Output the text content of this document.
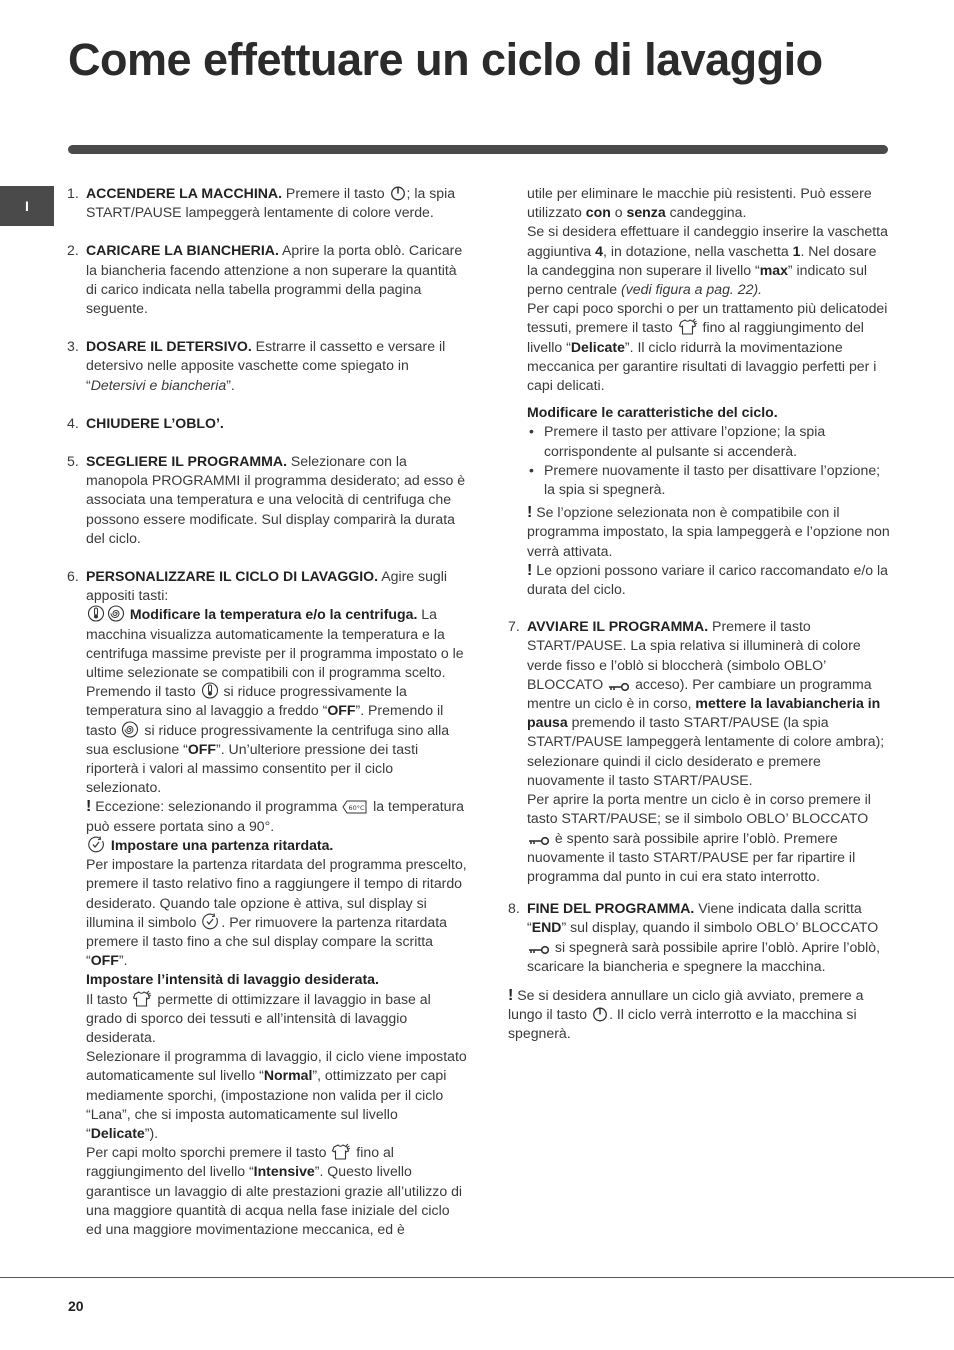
Come effettuare un ciclo di lavaggio
I
1. ACCENDERE LA MACCHINA. Premere il tasto
; la spia START/PAUSE lampeggerà lentamente di colore verde.

2. CARICARE LA BIANCHERIA. Aprire la porta oblò. Caricare la biancheria facendo attenzione a non superare la quantità di carico indicata nella tabella programmi della pagina seguente.

3. DOSARE IL DETERSIVO. Estrarre il cassetto e versare il detersivo nelle apposite vaschette come spiegato in “Detersivi e biancheria”.

4. CHIUDERE L’OBLO’.

5. SCEGLIERE IL PROGRAMMA. Selezionare con la manopola PROGRAMMI il programma desiderato; ad esso è associata una temperatura e una velocità di centrifuga che possono essere modificate. Sul display comparirà la durata del ciclo.

6. PERSONALIZZARE IL CICLO DI LAVAGGIO. Agire sugli appositi tasti:

Modificare la temperatura e/o la centrifuga. La macchina visualizza automaticamente la temperatura e la centrifuga massime previste per il programma impostato o le ultime selezionate se compatibili con il programma scelto. Premendo il tasto
si riduce progressivamente la temperatura sino al lavaggio a freddo “OFF”. Premendo il tasto
si riduce progressivamente la centrifuga sino alla sua esclusione “OFF”. Un’ulteriore pressione dei tasti riporterà i valori al massimo consentito per il ciclo selezionato.

! Eccezione: selezionando il programma 60°C la temperatura può essere portata sino a 90°.

Impostare una partenza ritardata.
Per impostare la partenza ritardata del programma prescelto, premere il tasto relativo fino a raggiungere il tempo di ritardo desiderato. Quando tale opzione è attiva, sul display si illumina il simbolo
. Per rimuovere la partenza ritardata premere il tasto fino a che sul display compare la scritta “OFF”.

Impostare l’intensità di lavaggio desiderata.
Il tasto
permette di ottimizzare il lavaggio in base al grado di sporco dei tessuti e all’intensità di lavaggio desiderata.
Selezionare il programma di lavaggio, il ciclo viene impostato automaticamente sul livello “Normal”, ottimizzato per capi mediamente sporchi, (impostazione non valida per il ciclo “Lana”, che si imposta automaticamente sul livello “Delicate”).
Per capi molto sporchi premere il tasto
fino al raggiungimento del livello “Intensive”. Questo livello garantisce un lavaggio di alte prestazioni grazie all’utilizzo di una maggiore quantità di acqua nella fase iniziale del ciclo ed una maggiore movimentazione meccanica, ed è

utile per eliminare le macchie più resistenti. Può essere utilizzato con o senza candeggina.
Se si desidera effettuare il candeggio inserire la vaschetta aggiuntiva 4, in dotazione, nella vaschetta 1. Nel dosare la candeggina non superare il livello “max” indicato sul perno centrale (vedi figura a pag. 22).
Per capi poco sporchi o per un trattamento più delicatodei tessuti, premere il tasto
fino al raggiungimento del livello “Delicate”. Il ciclo ridurrà la movimentazione meccanica per garantire risultati di lavaggio perfetti per i capi delicati.

Modificare le caratteristiche del ciclo.

• Premere il tasto per attivare l’opzione; la spia corrispondente al pulsante si accenderà.
• Premere nuovamente il tasto per disattivare l’opzione; la spia si spegnerà.

! Se l’opzione selezionata non è compatibile con il programma impostato, la spia lampeggerà e l’opzione non verrà attivata.

! Le opzioni possono variare il carico raccomandato e/o la durata del ciclo.

7. AVVIARE IL PROGRAMMA. Premere il tasto START/PAUSE. La spia relativa si illuminerà di colore verde fisso e l’oblò si bloccherà (simbolo OBLO’ BLOCCATO
acceso). Per cambiare un programma mentre un ciclo è in corso, mettere la lavabiancheria in pausa premendo il tasto START/PAUSE (la spia START/PAUSE lampeggerà lentamente di colore ambra); selezionare quindi il ciclo desiderato e premere nuovamente il tasto START/PAUSE.
Per aprire la porta mentre un ciclo è in corso premere il tasto START/PAUSE; se il simbolo OBLO’ BLOCCATO
è spento sarà possibile aprire l’oblò. Premere nuovamente il tasto START/PAUSE per far ripartire il programma dal punto in cui era stato interrotto.

8. FINE DEL PROGRAMMA. Viene indicata dalla scritta “END” sul display, quando il simbolo OBLO’ BLOCCATO
si spegnerà sarà possibile aprire l’oblò. Aprire l’oblò, scaricare la biancheria e spegnere la macchina.

! Se si desidera annullare un ciclo già avviato, premere a lungo il tasto
. Il ciclo verrà interrotto e la macchina si spegnerà.

20
